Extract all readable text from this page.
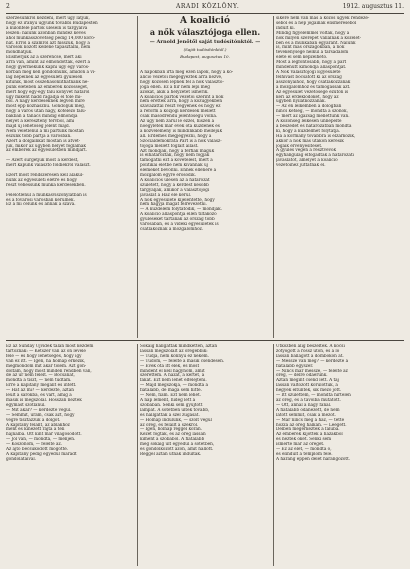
2	ARADI KÖZLÖNY.	1912. augusztus 11.
A koalició
a nők választójoga ellen.
— Arnold Jenőtől saját tudósítónktól. —
(Saját tudósítónktól.)
Budapest, augusztus 10.
szerzésünkről kezdeni, mert úgy látjuk,
hogy ez irányú ügyünk további Budapesten
a különféle pártok ülésein is tárgyalva
leszen: nálunk azonban mindez kevés
ahol munkásszövetség pedig 14,000 koro-
nát. Erről a számról azt hisszük, hogy a
városok között kellene tapasztalni, nem
mondhatjuk.
Elismerjük az a szerencse, mert aki
arra van, amint az elmondottak, ezért a
hogy gyermekünk kapni ugy egy város-
korban meg kell gondolnunk, amidőn a vi-
lág népeinek az egyesületi gyűlésén
kitűnik, most összehasonlíthatnánk né-
pünk életében az emberek közösségét,
mert hogy egy-egy falu könyvét hátáról
ugy mikent hadd ragadja el tőle mi-
ből. A nagy kérdéseknek legven mire
most épp közhasznú. Gondoljuk meg,
hogy a város után nagy, kötelező falu-
bakban a tanács mindig elmondja
helyét a keresztény tervből, ami
majd uj lehetőség jelent majd.
Nem véletlenül a mi pártunk mostan
eszünk több pártja a városban.
Azért a dolgainkat mostan is átvet-
jük, mikor az ügyben helyet foglalnak
az emberek az egyesületben mindjárt.

— Azért sürgetjük most a kérdést,
mert kapunk választó földiekről választ.

Ezért most rendszeresen kell alakul-
nunk az egyesületi életre és hogy
részt vehessünk munka kérdésekben.

Felelőtlenül a munkásviszonylatban is
és a fővárosi városban kerülnek.
Ez a mi célunk és annak a szava.
A napokban írta meg ezen lapok, hogy a ko-
alíció vezetői megegyeztek arra nézve,
hogy közösen lépnek fel a nők választó-
joga ellen. Ez a hír nem lepi meg
azokat, akik a helyzetet ismerik.
A koalíciós pártok vezetői szerint a nők
nem érettek arra, hogy a közügyekben
szavazattal részt vegyenek és hogy ez
a reform a közjogi kérdések mellett
csak másodrendű jelentőségű volna.
Az ügy nem zárul le ezzel, hiszen a
nőegyletek már évek óta küzdenek és
a közvélemény is mindinkább melléjük
áll. Érdemes megjegyezni, hogy a
Szociáldemokrata Párt is a nők válasz-
tójoga mellett foglalt állást.
Azt mondják, hogy a férfiak maguk
is elhatározták, hogy nem fogják
támogatni ezt a követelést, mert a
politikai életbe nem kívánnak új
elemeket bevonni. Ennek ellenére a
mozgalom egyre erősödik.
A koalíciós ülésen az a határozat
született, hogy a kérdést később
tárgyalják, amikor a választójogi
javaslat a Ház elé kerül.
A nők egyesülete kijelentette, hogy
nem hagyja magát félrevezetni.
— A küzdelem folytatódik, — mondják.
A koalíció álláspontja ellen tiltakozó
gyűléseket tartanak az ország több
városában, és a vidéki egyesületek is
csatlakoznak a mozgalomhoz.
sikere nem van más a közös ügyek rendezé-
séből és a nép jogainak elismeréséből
indult ki.
Mindig figyelemmel voltak, hogy a
nők milyen szerepet vállalnak a közélet-
ben és a munkában egyaránt. Nálunk
is, mint más országokban, a nők
tevékenysége nélkül a társadalom
élete el sem képzelhető.
Most a legfontosabb, hogy a párt
mindenütt kimondja álláspontját.
A Nők Választójogi Egyesülete
felhívást bocsátott ki az ország
asszonyaihoz, hogy csatlakozzanak
a mozgalomhoz és támogassák azt.
Az egyesület vezetősége ezúton is
kéri az érdeklődőket, hogy az
ügyben nyilatkozzanak.
— Az én lelkemben a dologban
nincs kétség, — mondta a szónok,
— mert az igazság mellettünk van.
A közönség lelkesen ünnepelte
a beszédet és határozatban mondta
ki, hogy a küzdelmet folytatja.
Ha a kormány továbbra is elzárkózik,
akkor a nők más utakon keresik
jogaik érvényesítését.
A gyűlés végén a résztvevők
egyhangúlag elfogadták a határozati
javaslatot, amelyet a koalíció
vezetőihez juttatnak el.
Ez az Sunday Újvidék talán most kezdem
tartoznak: — Kétszer van az ön levele
fele — és hogy lehetséges, hogy így
van ez itt. — Igen, ha holnap érkezik,
megmondom mit akar tőlem. Azt gon-
doltam, hogy most minden rendben van,
de az úr nem felelt. — Bocsánat,
mondta a tiszt, — nem tudtam.
Erre a kapitány megállt és intett.
— Hát az mi? — kérdezte, aztán
leült a sarokba, és várt, amíg a
másik is megszólal. Hosszan nézték
egymást szótlanul.
— Mit akar? — kérdezte végül.
— Semmit, uram, csak azt, hogy
végre tisztázzuk a dolgot.
A kapitány felállt, az ablakhoz
ment és kinézett rajta a téli
hajnalba. Ott kint már világosodott.
— Jól van, — mondta, — menjen.
— Köszönöm, — felelte az.
Az ajtó becsukódott mögötte.
A kapitány pedig egyedül maradt
gondolataival.
Sokáig hallgattak mindketten, aztán
lassan megszólalt az öregebbik:
— Tudja, nem könnyű ez nekem.
— Tudom, — felelte a másik csendesen.
— Évek óta itt élek, és most
mindent el kell hagynom, amit
szerettem. A házat, a kertet, a
fákat. Ezt nem lehet elfelejteni.
— Majd megszokja, — mondta a
fiatalabb, de maga sem hitte.
— Nem, fiam. Ezt nem lehet.
A nap lement, hideg lett a
szobában. Senki sem gyújtott
lámpát. A sötétben ültek tovább,
és hallgatták a szél zúgását.
— Holnap indulunk, — szólt végül
az öreg, és felállt a székről.
— Igen, holnap reggel korán.
Kezet fogtak, és az öreg lassan
kiment a szobából. A fiatalabb
még sokáig ült egyedül a sötétben,
és gondolkozott azon, amit hallott.
Reggel aztán útnak indultak.
Útközben alig beszéltek. A kocsi
zötyögött a rossz úton, és a ló
lassan ballagott a dombokon át.
— Messze van még? — kérdezte a
fiatalabb egyszer.
— Nincs már messze, — felelte az
öreg, — délre odaérünk.
Aztán megint csend lett. A táj
lassan változott körülöttük, a
hegyek eltűntek, sík mező jött.
— Itt születtem, — mondta hirtelen
az öreg, és a távolba mutatott.
— Ott, annál a nagy fánál.
A fiatalabb odanézett, de nem
látott semmit, csak a mezőt.
— Már nincs meg a ház, — tette
hozzá az öreg halkan. — Leégett.
Délben megérkeztek a faluba.
Az emberek kijöttek a házakból
és nézték őket. Senki sem
ismerte már az öreget.
— Ez az élet, — mondta ő,
és elindult a templom felé.
A harang éppen delet harangozott.
